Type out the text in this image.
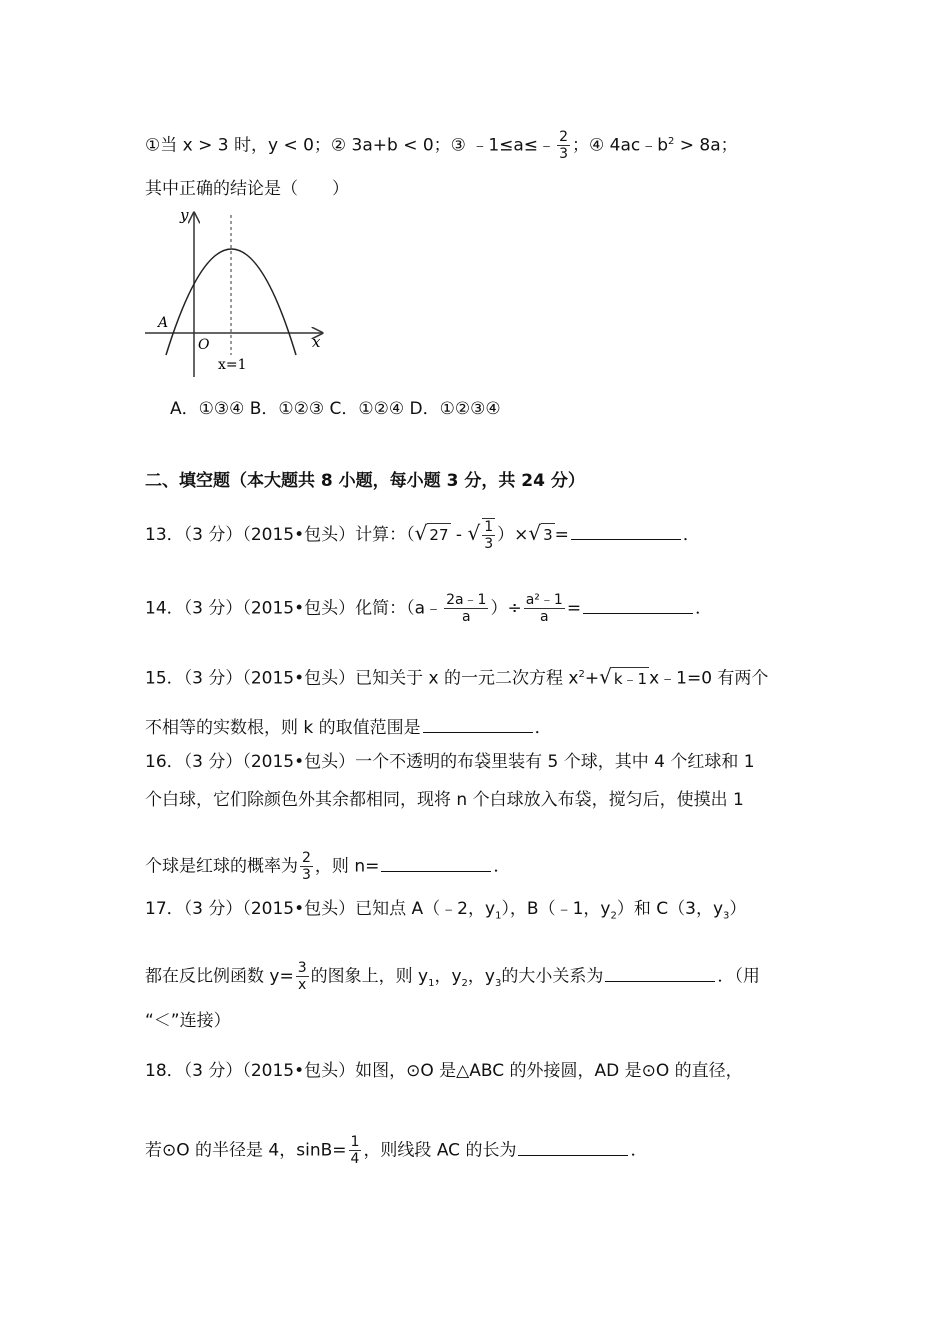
①当 x > 3 时，y < 0；② 3a+b < 0；③ ﹣1≤a≤﹣ $\frac{2}{3}$ ；④ $4ac﹣b^2 > 8a$；
其中正确的结论是（　　）
y
x
O
A
x=1
A．①③④ B．①②③ C．①②④ D．①②③④
二、填空题（本大题共 8 小题，每小题 3 分，共 24 分）
13．（3 分）（2015•包头）计算：（√ 27 - √ $\frac{1}{3}$ ）×√ 3 =	．
14．（3 分）（2015•包头）化简：（a﹣ $\frac{2a﹣1}{a}$ ）÷ $\frac{\text{a²﹣1}}{a}$ =	．
15．（3 分）（2015•包头）已知关于 x 的一元二次方程 $x^2+√$ k﹣1 x﹣1=0 有两个
不相等的实数根，则 k 的取值范围是	．
16．（3 分）（2015•包头）一个不透明的布袋里装有 5 个球，其中 4 个红球和 1
个白球，它们除颜色外其余都相同，现将 n 个白球放入布袋，搅匀后，使摸出 1
个球是红球的概率为 $\frac{2}{3}$ ，则 n=	．
17．（3 分）（2015•包头）已知点 A（﹣2，$y_1$），B（﹣1，$y_2$）和 C（3，$y_3$）
都在反比例函数 $y= \frac{3}{x}$ 的图象上，则 $y_1$，$y_2$，$y_3$的大小关系为	．（用
“＜”连接）
18．（3 分）（2015•包头）如图，⊙O 是△ABC 的外接圆，AD 是⊙O 的直径，
若⊙O 的半径是 4，$\sin B= \frac{1}{4}$ ，则线段 AC 的长为	．
